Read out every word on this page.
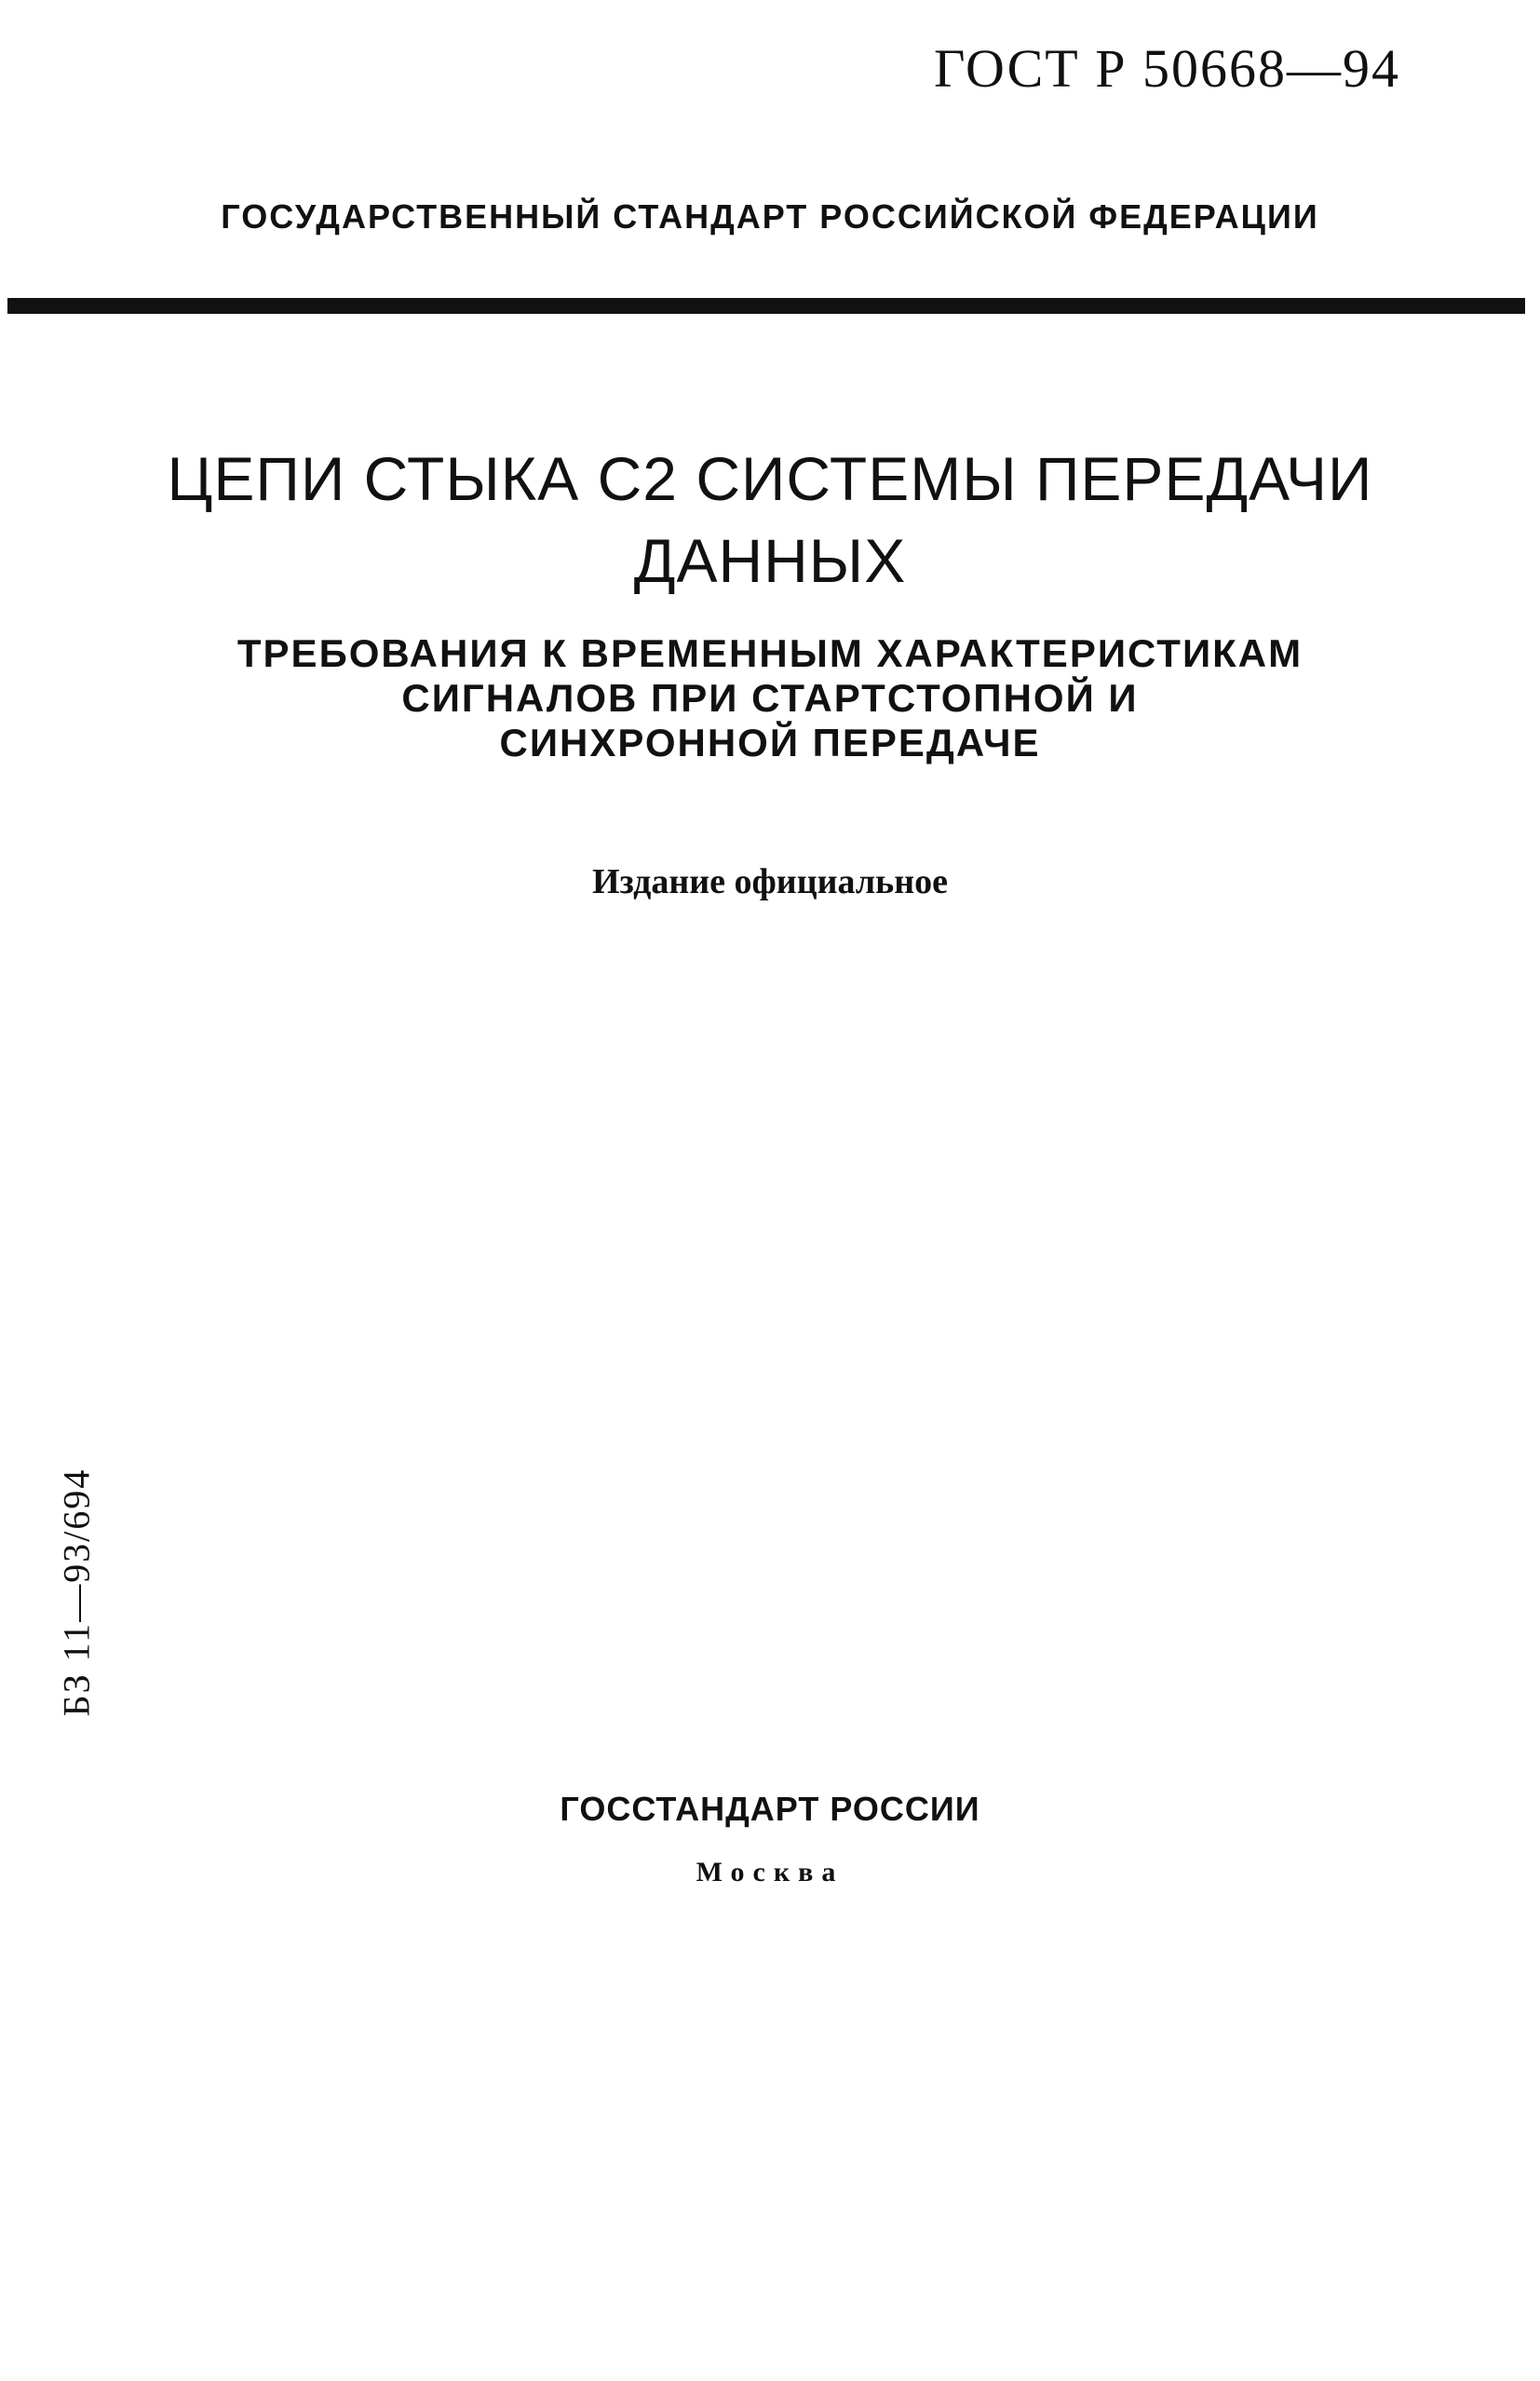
ГОСТ Р 50668—94
ГОСУДАРСТВЕННЫЙ СТАНДАРТ РОССИЙСКОЙ ФЕДЕРАЦИИ
ЦЕПИ СТЫКА С2 СИСТЕМЫ ПЕРЕДАЧИ
ДАННЫХ
ТРЕБОВАНИЯ К ВРЕМЕННЫМ ХАРАКТЕРИСТИКАМ
СИГНАЛОВ ПРИ СТАРТСТОПНОЙ И
СИНХРОННОЙ ПЕРЕДАЧЕ
Издание официальное
БЗ 11—93/694
ГОССТАНДАРТ РОССИИ
Москва
